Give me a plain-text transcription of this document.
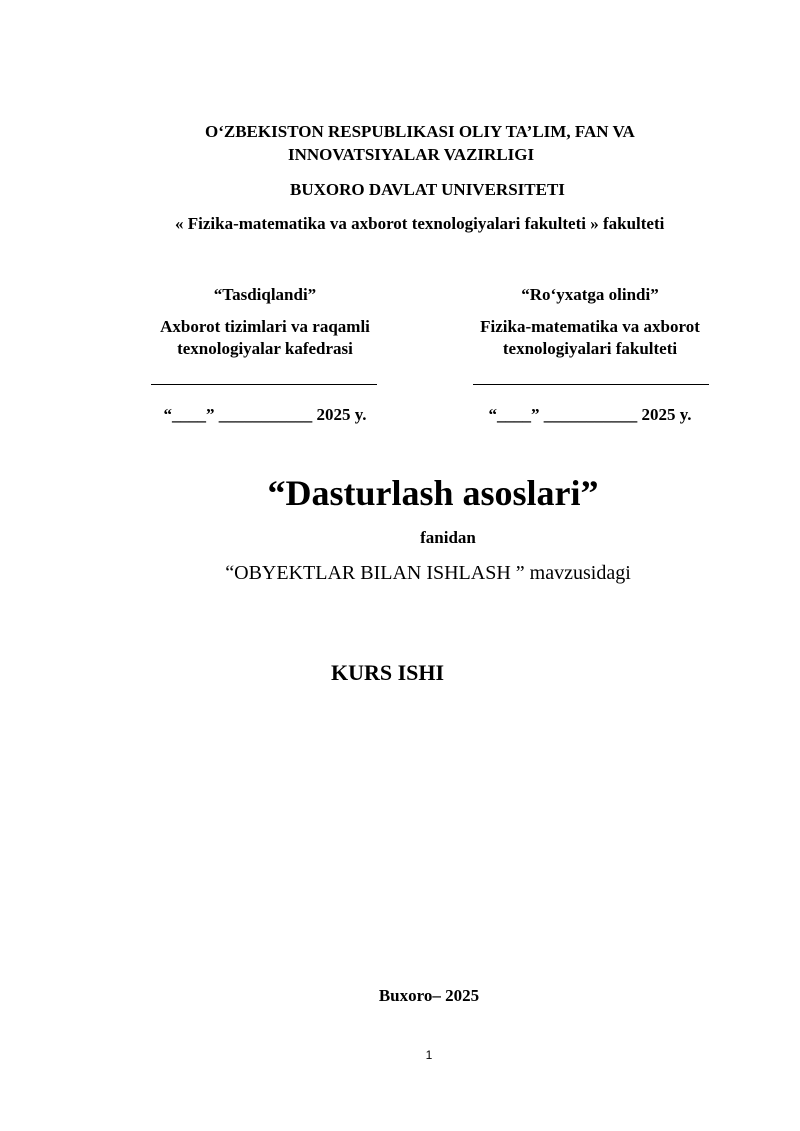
O‘ZBEKISTON RESPUBLIKASI OLIY TA’LIM, FAN VA
INNOVATSIYALAR VAZIRLIGI
BUXORO DAVLAT UNIVERSITETI
« Fizika-matematika va axborot texnologiyalari fakulteti » fakulteti
“Tasdiqlandi”
Axborot tizimlari va raqamli texnologiyalar kafedrasi
“____” ___________ 2025 y.
“Ro‘yxatga olindi”
Fizika-matematika va axborot texnologiyalari fakulteti
“____” ___________ 2025 y.
“Dasturlash asoslari”
fanidan
“OBYEKTLAR BILAN ISHLASH ” mavzusidagi
KURS ISHI
Buxoro– 2025
1
